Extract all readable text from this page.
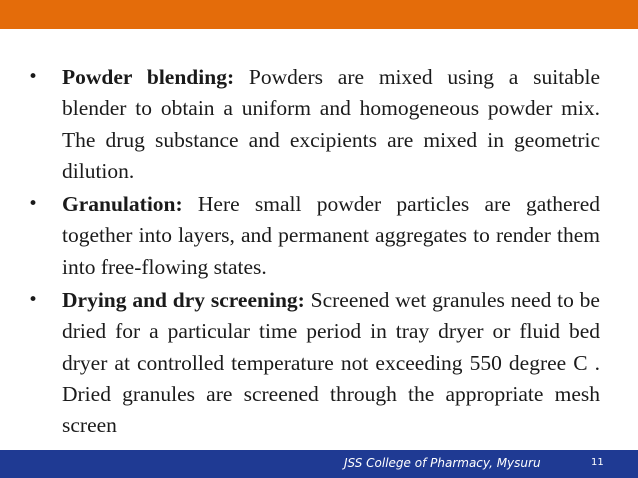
• Powder blending: Powders are mixed using a suitable blender to obtain a uniform and homogeneous powder mix. The drug substance and excipients are mixed in geometric dilution.

• Granulation: Here small powder particles are gathered together into layers, and permanent aggregates to render them into free-flowing states.

• Drying and dry screening: Screened wet granules need to be dried for a particular time period in tray dryer or fluid bed dryer at controlled temperature not exceeding 550 degree C . Dried granules are screened through the appropriate mesh screen

JSS College of Pharmacy, Mysuru	11
